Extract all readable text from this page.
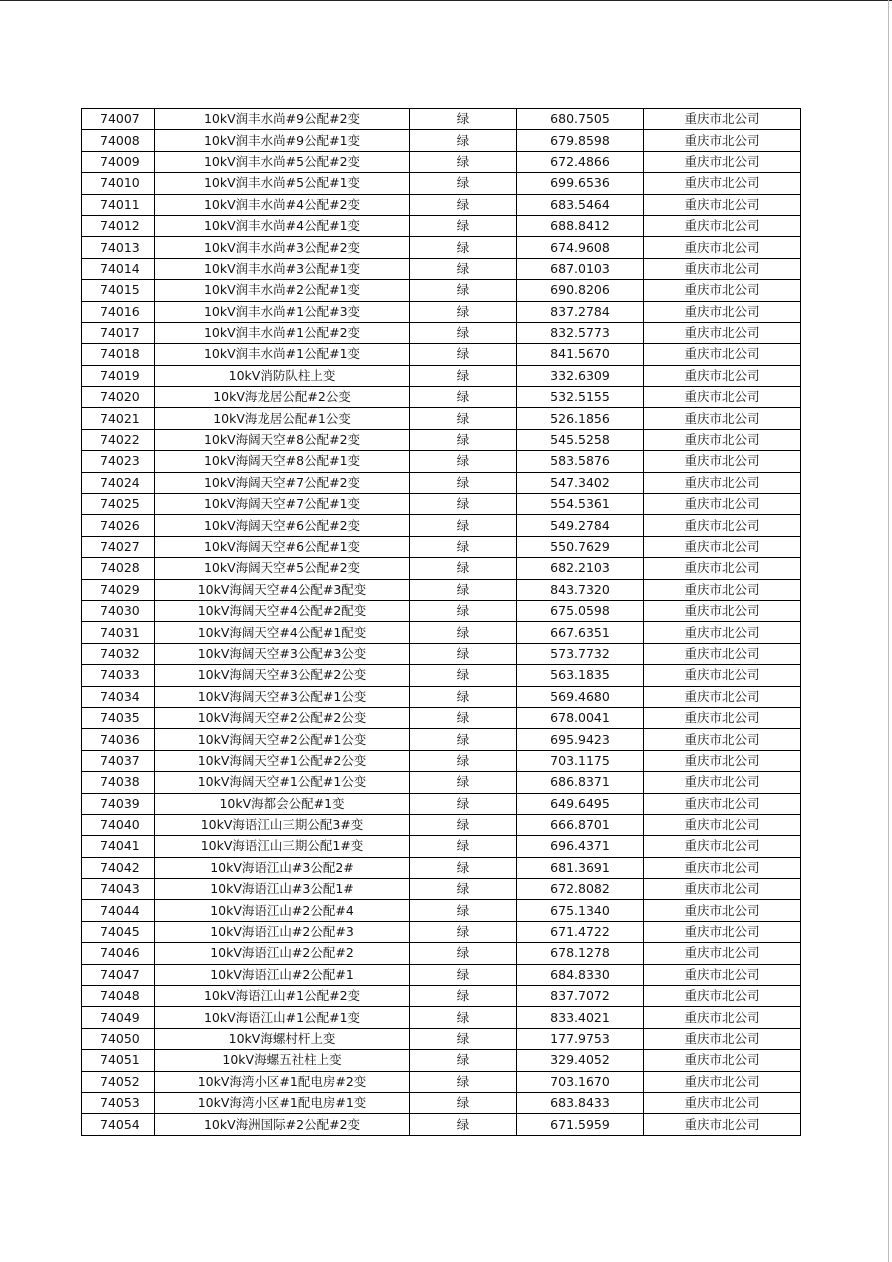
74007	10kV润丰水尚#9公配#2变	绿	680.7505	重庆市北公司
74008	10kV润丰水尚#9公配#1变	绿	679.8598	重庆市北公司
74009	10kV润丰水尚#5公配#2变	绿	672.4866	重庆市北公司
74010	10kV润丰水尚#5公配#1变	绿	699.6536	重庆市北公司
74011	10kV润丰水尚#4公配#2变	绿	683.5464	重庆市北公司
74012	10kV润丰水尚#4公配#1变	绿	688.8412	重庆市北公司
74013	10kV润丰水尚#3公配#2变	绿	674.9608	重庆市北公司
74014	10kV润丰水尚#3公配#1变	绿	687.0103	重庆市北公司
74015	10kV润丰水尚#2公配#1变	绿	690.8206	重庆市北公司
74016	10kV润丰水尚#1公配#3变	绿	837.2784	重庆市北公司
74017	10kV润丰水尚#1公配#2变	绿	832.5773	重庆市北公司
74018	10kV润丰水尚#1公配#1变	绿	841.5670	重庆市北公司
74019	10kV消防队柱上变	绿	332.6309	重庆市北公司
74020	10kV海龙居公配#2公变	绿	532.5155	重庆市北公司
74021	10kV海龙居公配#1公变	绿	526.1856	重庆市北公司
74022	10kV海阔天空#8公配#2变	绿	545.5258	重庆市北公司
74023	10kV海阔天空#8公配#1变	绿	583.5876	重庆市北公司
74024	10kV海阔天空#7公配#2变	绿	547.3402	重庆市北公司
74025	10kV海阔天空#7公配#1变	绿	554.5361	重庆市北公司
74026	10kV海阔天空#6公配#2变	绿	549.2784	重庆市北公司
74027	10kV海阔天空#6公配#1变	绿	550.7629	重庆市北公司
74028	10kV海阔天空#5公配#2变	绿	682.2103	重庆市北公司
74029	10kV海阔天空#4公配#3配变	绿	843.7320	重庆市北公司
74030	10kV海阔天空#4公配#2配变	绿	675.0598	重庆市北公司
74031	10kV海阔天空#4公配#1配变	绿	667.6351	重庆市北公司
74032	10kV海阔天空#3公配#3公变	绿	573.7732	重庆市北公司
74033	10kV海阔天空#3公配#2公变	绿	563.1835	重庆市北公司
74034	10kV海阔天空#3公配#1公变	绿	569.4680	重庆市北公司
74035	10kV海阔天空#2公配#2公变	绿	678.0041	重庆市北公司
74036	10kV海阔天空#2公配#1公变	绿	695.9423	重庆市北公司
74037	10kV海阔天空#1公配#2公变	绿	703.1175	重庆市北公司
74038	10kV海阔天空#1公配#1公变	绿	686.8371	重庆市北公司
74039	10kV海都会公配#1变	绿	649.6495	重庆市北公司
74040	10kV海语江山三期公配3#变	绿	666.8701	重庆市北公司
74041	10kV海语江山三期公配1#变	绿	696.4371	重庆市北公司
74042	10kV海语江山#3公配2#	绿	681.3691	重庆市北公司
74043	10kV海语江山#3公配1#	绿	672.8082	重庆市北公司
74044	10kV海语江山#2公配#4	绿	675.1340	重庆市北公司
74045	10kV海语江山#2公配#3	绿	671.4722	重庆市北公司
74046	10kV海语江山#2公配#2	绿	678.1278	重庆市北公司
74047	10kV海语江山#2公配#1	绿	684.8330	重庆市北公司
74048	10kV海语江山#1公配#2变	绿	837.7072	重庆市北公司
74049	10kV海语江山#1公配#1变	绿	833.4021	重庆市北公司
74050	10kV海螺村杆上变	绿	177.9753	重庆市北公司
74051	10kV海螺五社柱上变	绿	329.4052	重庆市北公司
74052	10kV海湾小区#1配电房#2变	绿	703.1670	重庆市北公司
74053	10kV海湾小区#1配电房#1变	绿	683.8433	重庆市北公司
74054	10kV海洲国际#2公配#2变	绿	671.5959	重庆市北公司
